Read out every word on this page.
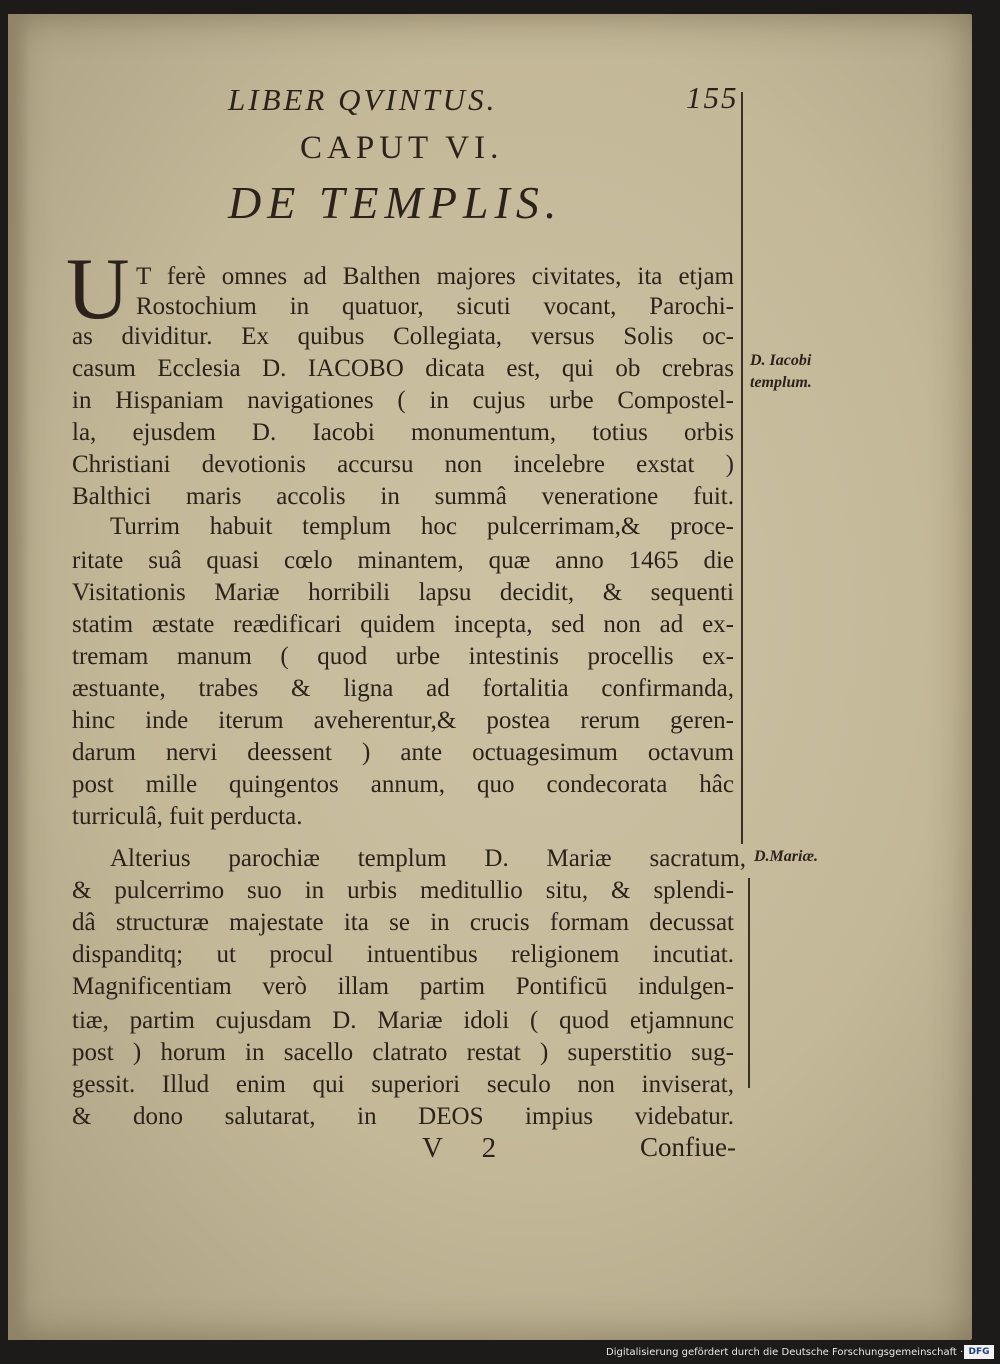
LIBER QVINTUS.	155
CAPUT VI.
DE TEMPLIS.
U T ferè omnes ad Balthen majores civitates, ita etjam
Rostochium in quatuor, sicuti vocant, Parochi-
as dividitur. Ex quibus Collegiata, versus Solis oc-
casum Ecclesia D. IACOBO dicata est, qui ob crebras
in Hispaniam navigationes ( in cujus urbe Compostel-
la, ejusdem D. Iacobi monumentum, totius orbis
Christiani devotionis accursu non incelebre exstat )
Balthici maris accolis in summâ veneratione fuit.
Turrim habuit templum hoc pulcerrimam,& proce-
ritate suâ quasi cœlo minantem, quæ anno 1465 die
Visitationis Mariæ horribili lapsu decidit, & sequenti
statim æstate reædificari quidem incepta, sed non ad ex-
tremam manum ( quod urbe intestinis procellis ex-
æstuante, trabes & ligna ad fortalitia confirmanda,
hinc inde iterum aveherentur,& postea rerum geren-
darum nervi deessent ) ante octuagesimum octavum
post mille quingentos annum, quo condecorata hâc
turriculâ, fuit perducta.
Alterius parochiæ templum D. Mariæ sacratum,
& pulcerrimo suo in urbis meditullio situ, & splendi-
dâ structuræ majestate ita se in crucis formam decussat
dispanditq; ut procul intuentibus religionem incutiat.
Magnificentiam verò illam partim Pontificū indulgen-
tiæ, partim cujusdam D. Mariæ idoli ( quod etjamnunc
post ) horum in sacello clatrato restat ) superstitio sug-
gessit. Illud enim qui superiori seculo non inviserat,
& dono salutarat, in DEOS impius videbatur.
D. Iacobi templum.
D.Mariæ.
V 2	Confiue-
Digitalisierung gefördert durch die Deutsche Forschungsgemeinschaft · DFG
